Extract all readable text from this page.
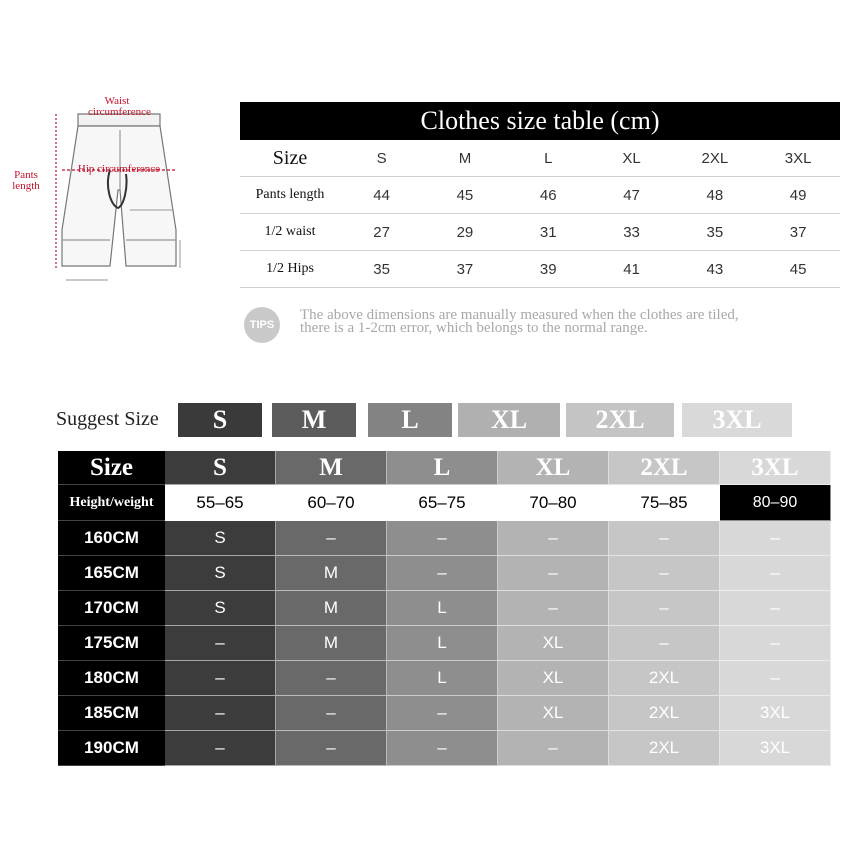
Waist circumference
Hip circumference
Pants length
Clothes size table (cm)
Size	S	M	L	XL	2XL	3XL
Pants length	44	45	46	47	48	49
1/2 waist	27	29	31	33	35	37
1/2 Hips	35	37	39	41	43	45
TIPS
The above dimensions are manually measured when the clothes are tiled,
there is a 1-2cm error, which belongs to the normal range.
Suggest Size	S	M	L	XL	2XL	3XL
Size	S	M	L	XL	2XL	3XL
Height/weight	55–65	60–70	65–75	70–80	75–85	80–90
160CM	S	–	–	–	–	–
165CM	S	M	–	–	–	–
170CM	S	M	L	–	–	–
175CM	–	M	L	XL	–	–
180CM	–	–	L	XL	2XL	–
185CM	–	–	–	XL	2XL	3XL
190CM	–	–	–	–	2XL	3XL
